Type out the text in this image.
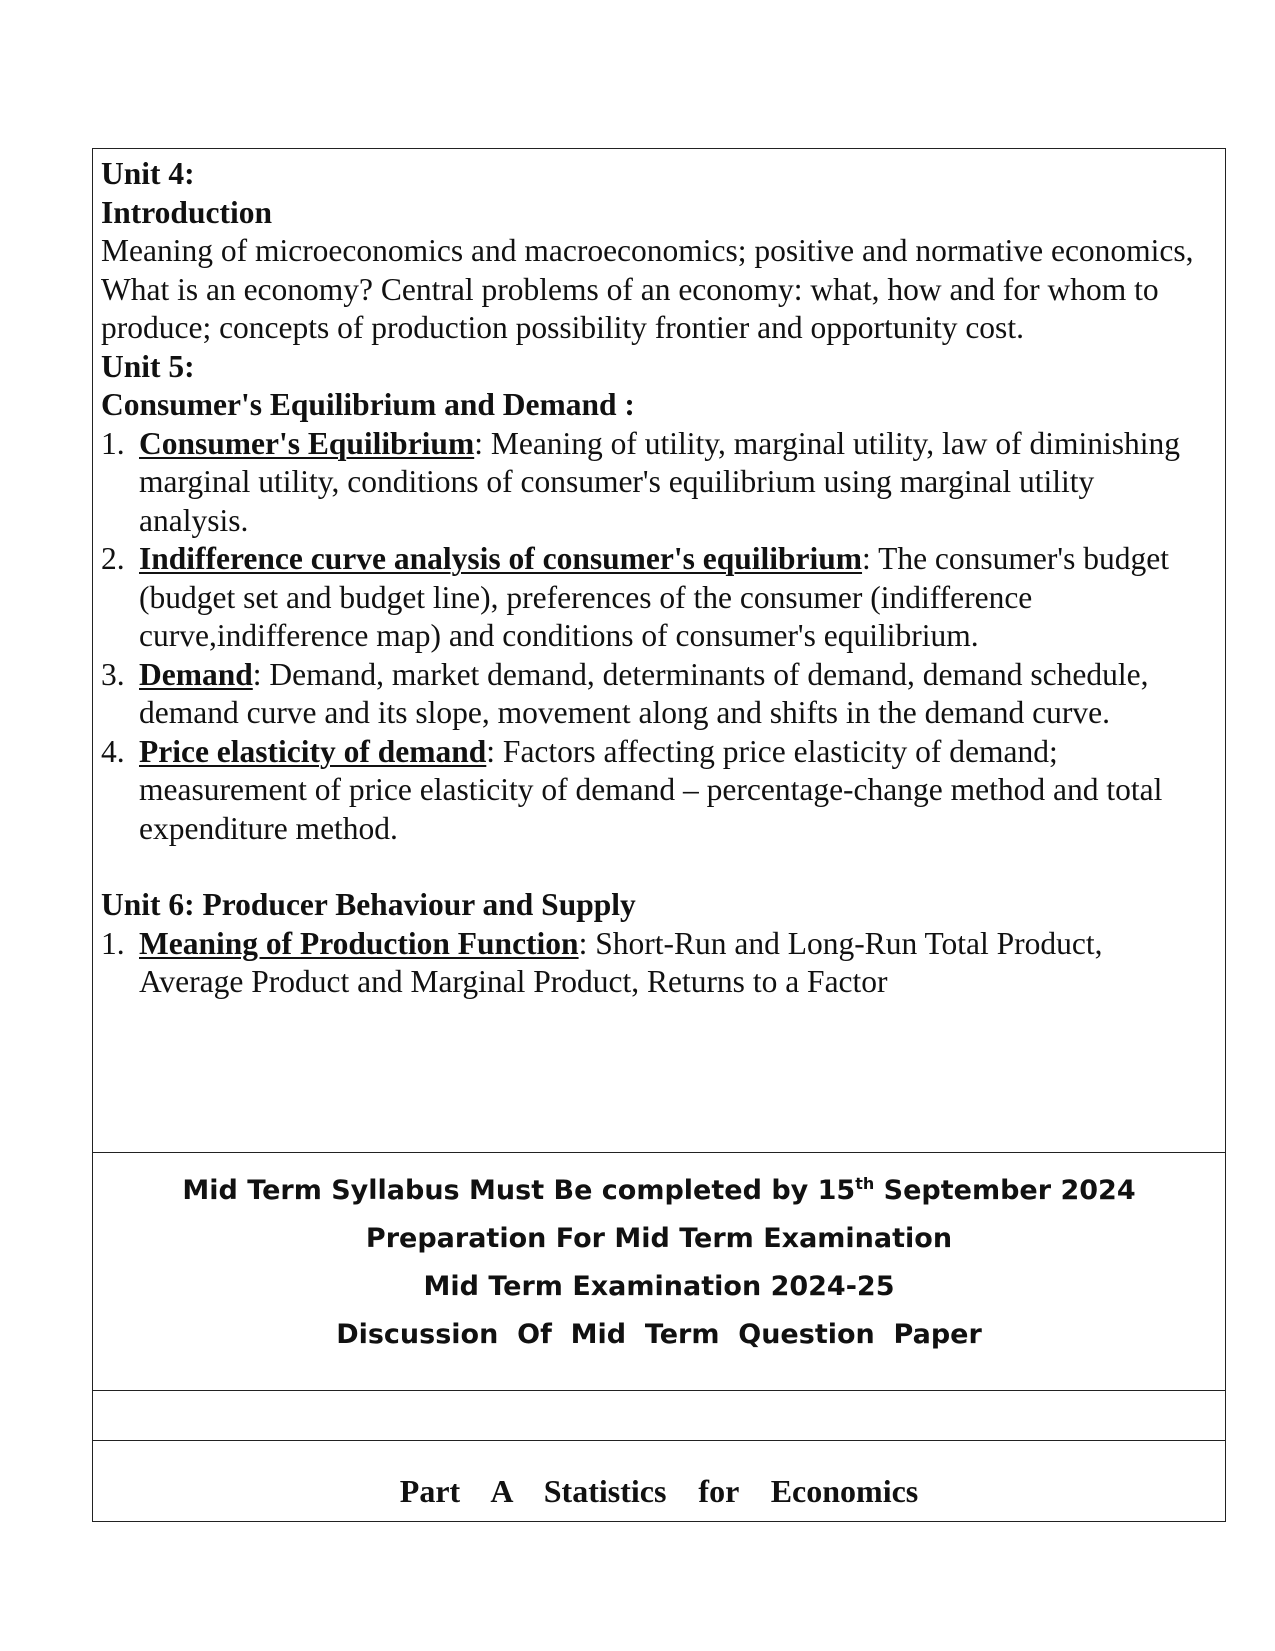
Unit 4:
Introduction
Meaning of microeconomics and macroeconomics; positive and normative economics, What is an economy? Central problems of an economy: what, how and for whom to produce; concepts of production possibility frontier and opportunity cost.
Unit 5:
Consumer's Equilibrium and Demand :
1. Consumer's Equilibrium: Meaning of utility, marginal utility, law of diminishing marginal utility, conditions of consumer's equilibrium using marginal utility analysis.
2. Indifference curve analysis of consumer's equilibrium: The consumer's budget (budget set and budget line), preferences of the consumer (indifference curve,indifference map) and conditions of consumer's equilibrium.
3. Demand: Demand, market demand, determinants of demand, demand schedule, demand curve and its slope, movement along and shifts in the demand curve.
4. Price elasticity of demand: Factors affecting price elasticity of demand; measurement of price elasticity of demand – percentage-change method and total expenditure method.
Unit 6: Producer Behaviour and Supply
1. Meaning of Production Function: Short-Run and Long-Run Total Product, Average Product and Marginal Product, Returns to a Factor
Mid Term Syllabus Must Be completed by 15th September 2024
Preparation For Mid Term Examination
Mid Term Examination 2024-25
Discussion  Of  Mid  Term  Question  Paper
Part  A  Statistics  for  Economics
